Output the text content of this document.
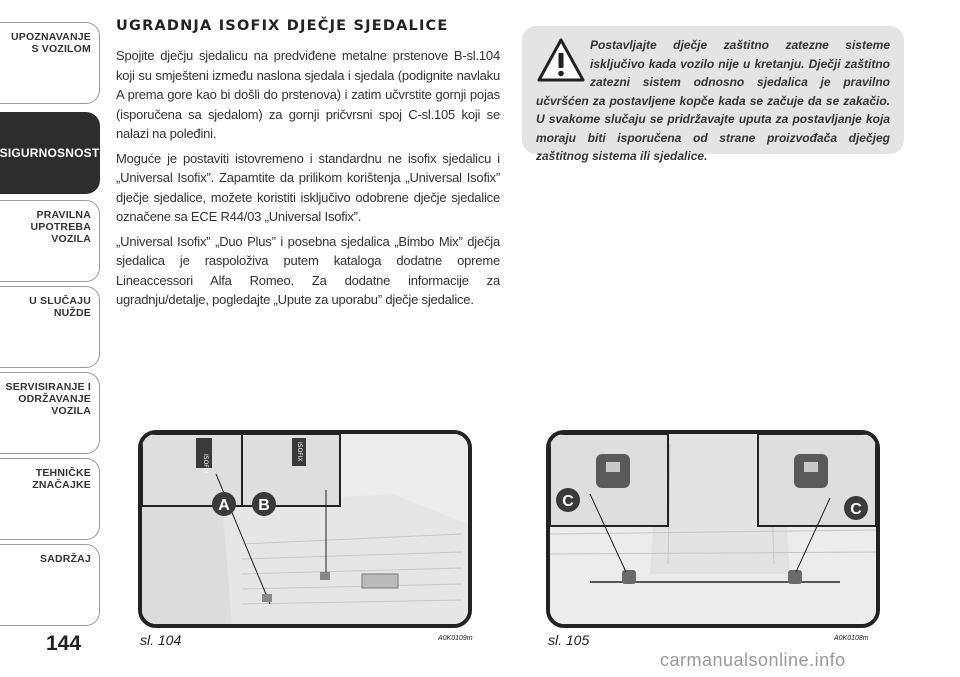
UPOZNAVANJE
S VOZILOM
SIGURNOSNOST
PRAVILNA
UPOTREBA
VOZILA
U SLUČAJU
NUŽDE
SERVISIRANJE I
ODRŽAVANJE
VOZILA
TEHNIČKE
ZNAČAJKE
SADRŽAJ
144
UGRADNJA ISOFIX DJEČJE SJEDALICE

Spojite dječju sjedalicu na predviđene metalne prstenove B-sl.104 koji su smješteni između naslona sjedala i sjedala (podignite navlaku A prema gore kao bi došli do prstenova) i zatim učvrstite gornji pojas (isporučena sa sjedalom) za gornji pričvrsni spoj C-sl.105 koji se nalazi na poleđini.

Moguće je postaviti istovremeno i standardnu ne isofix sjedalicu i „Universal Isofix”. Zapamtite da prilikom korištenja „Universal Isofix” dječje sjedalice, možete koristiti isključivo odobrene dječje sjedalice označene sa ECE R44/03 „Universal Isofix”.

„Universal Isofix” „Duo Plus” i posebna sjedalica „Bimbo Mix” dječja sjedalica je raspoloživa putem kataloga dodatne opreme Lineaccessori Alfa Romeo. Za dodatne informacije za ugradnju/detalje, pogledajte „Upute za uporabu” dječje sjedalice.

Postavljajte dječje zaštitno zatezne sisteme isključivo kada vozilo nije u kretanju. Dječji zaštitno zatezni sistem odnosno sjedalica je pravilno učvršćen za postavljene kopče kada se začuje da se zakačio. U svakome slučaju se pridržavajte uputa za postavljanje koja moraju biti isporučena od strane proizvođača dječjeg zaštitnog sistema ili sjedalice.
ISOFIX
ISOFIX
A B
sl. 104	A0K0109m
C	C
sl. 105	A0K0108m
carmanualsonline.info
